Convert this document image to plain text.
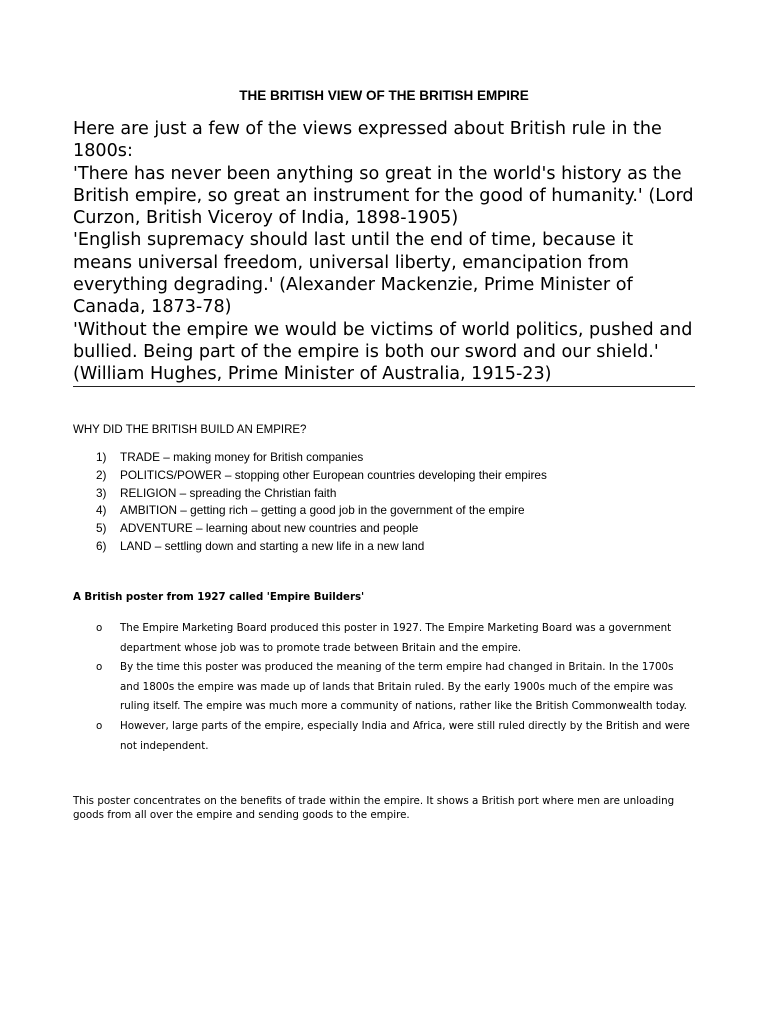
THE BRITISH VIEW OF THE BRITISH EMPIRE

Here are just a few of the views expressed about British rule in the 1800s:

'There has never been anything so great in the world's history as the British empire, so great an instrument for the good of humanity.' (Lord Curzon, British Viceroy of India, 1898-1905)

'English supremacy should last until the end of time, because it means universal freedom, universal liberty, emancipation from everything degrading.' (Alexander Mackenzie, Prime Minister of Canada, 1873-78)

'Without the empire we would be victims of world politics, pushed and bullied. Being part of the empire is both our sword and our shield.' (William Hughes, Prime Minister of Australia, 1915-23)

WHY DID THE BRITISH BUILD AN EMPIRE?
1)	TRADE – making money for British companies
2)	POLITICS/POWER – stopping other European countries developing their empires
3)	RELIGION – spreading the Christian faith
4)	AMBITION – getting rich – getting a good job in the government of the empire
5)	ADVENTURE – learning about new countries and people
6)	LAND – settling down and starting a new life in a new land
A British poster from 1927 called 'Empire Builders'
o The Empire Marketing Board produced this poster in 1927. The Empire Marketing Board was a government department whose job was to promote trade between Britain and the empire.
o By the time this poster was produced the meaning of the term empire had changed in Britain. In the 1700s and 1800s the empire was made up of lands that Britain ruled. By the early 1900s much of the empire was ruling itself. The empire was much more a community of nations, rather like the British Commonwealth today.
o However, large parts of the empire, especially India and Africa, were still ruled directly by the British and were not independent.

This poster concentrates on the benefits of trade within the empire. It shows a British port where men are unloading goods from all over the empire and sending goods to the empire.
